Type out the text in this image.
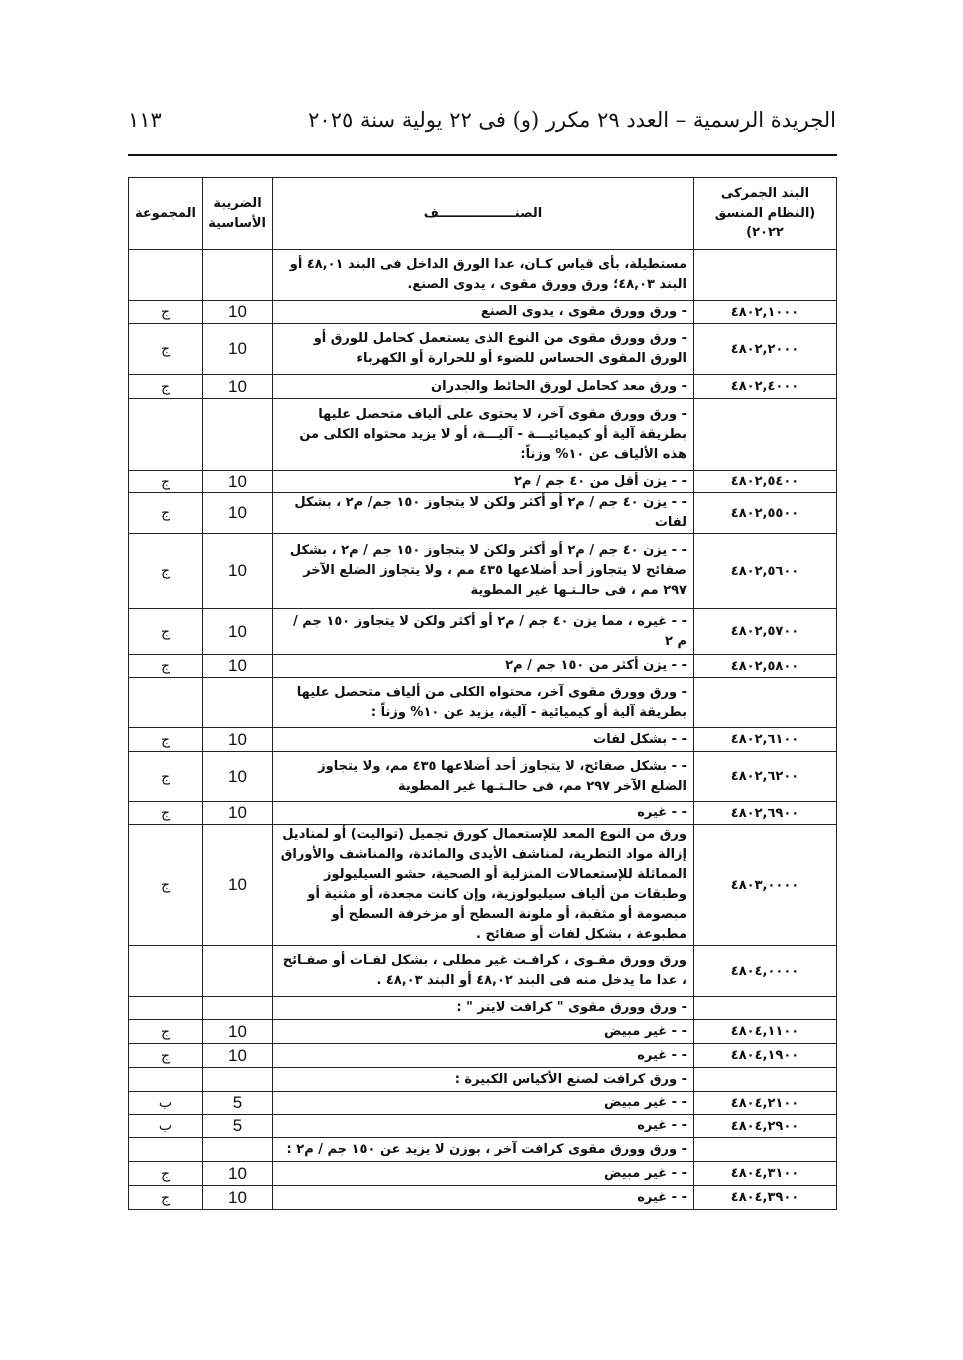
الجريدة الرسمية – العدد ٢٩ مكرر (و) فى ٢٢ يولية سنة ٢٠٢٥
١١٣
البند الجمركى (النظام المنسق ٢٠٢٢)	الصنـــــــــــــــــف	الضريبة الأساسية	المجموعة
	مستطيلة، بأى قياس كـان، عدا الورق الداخل فى البند ٤٨,٠١ أو البند ٤٨,٠٣؛ ورق وورق مقوى ، يدوى الصنع.		
٤٨٠٢,١٠٠٠	- ورق وورق مقوى ، يدوى الصنع	10	ج
٤٨٠٢,٢٠٠٠	- ورق وورق مقوى من النوع الذى يستعمل كحامل للورق أو الورق المقوى الحساس للضوء أو للحرارة أو الكهرباء	10	ج
٤٨٠٢,٤٠٠٠	- ورق معد كحامل لورق الحائط والجدران	10	ج
	- ورق وورق مقوى آخر، لا يحتوى على ألياف متحصل عليها بطريقة آلية أو كيميائيـــة - آليـــة، أو لا يزيد محتواه الكلى من هذه الألياف عن ١٠% وزناً:		
٤٨٠٢,٥٤٠٠	- - يزن أقل من ٤٠ جم / م٢	10	ج
٤٨٠٢,٥٥٠٠	- - يزن ٤٠ جم / م٢ أو أكثر ولكن لا يتجاوز ١٥٠ جم/ م٢ ، بشكل لفات	10	ج
٤٨٠٢,٥٦٠٠	- - يزن ٤٠ جم / م٢ أو أكثر ولكن لا يتجاوز ١٥٠ جم / م٢ ، بشكل صفائح لا يتجاوز أحد أضلاعها ٤٣٥ مم ، ولا يتجاوز الضلع الآخر ٢٩٧ مم ، فى حالـتـها غير المطوية	10	ج
٤٨٠٢,٥٧٠٠	- - غيره ، مما يزن ٤٠ جم / م٢ أو أكثر ولكن لا يتجاوز ١٥٠ جم / م ٢	10	ج
٤٨٠٢,٥٨٠٠	- - يزن أكثر من ١٥٠ جم / م٢	10	ج
	- ورق وورق مقوى آخر، محتواه الكلى من ألياف متحصل عليها بطريقة آلية أو كيميائية - آلية، يزيد عن ١٠% وزناً :		
٤٨٠٢,٦١٠٠	- - بشكل لفات	10	ج
٤٨٠٢,٦٢٠٠	- - بشكل صفائح، لا يتجاوز أحد أضلاعها ٤٣٥ مم، ولا يتجاوز الضلع الآخر ٢٩٧ مم، فى حالـتـها غير المطوية	10	ج
٤٨٠٢,٦٩٠٠	- - غيره	10	ج
٤٨٠٣,٠٠٠٠	ورق من النوع المعد للإستعمال كورق تجميل (تواليت) أو لمناديل إزالة مواد التطرية، لمناشف الأيدى والمائدة، والمناشف والأوراق المماثلة للإستعمالات المنزلية أو الصحية، حشو السيليولوز وطبقات من ألياف سيليولوزية، وإن كانت مجعدة، أو مثنية أو مبصومة أو مثقبة، أو ملونة السطح أو مزخرفة السطح أو مطبوعة ، بشكل لفات أو صفائح .	10	ج
٤٨٠٤,٠٠٠٠	ورق وورق مقـوى ، كرافـت غير مطلى ، بشكل لفـات أو صفـائح ، عدا ما يدخل منه فى البند ٤٨,٠٢ أو البند ٤٨,٠٣ .		
	- ورق وورق مقوى " كرافت لاينر " :		
٤٨٠٤,١١٠٠	- - غير مبيض	10	ج
٤٨٠٤,١٩٠٠	- - غيره	10	ج
	- ورق كرافت لصنع الأكياس الكبيرة :		
٤٨٠٤,٢١٠٠	- - غير مبيض	5	ب
٤٨٠٤,٢٩٠٠	- - غيره	5	ب
	- ورق وورق مقوى كرافت آخر ، بوزن لا يزيد عن ١٥٠ جم / م٢ :		
٤٨٠٤,٣١٠٠	- - غير مبيض	10	ج
٤٨٠٤,٣٩٠٠	- - غيره	10	ج
